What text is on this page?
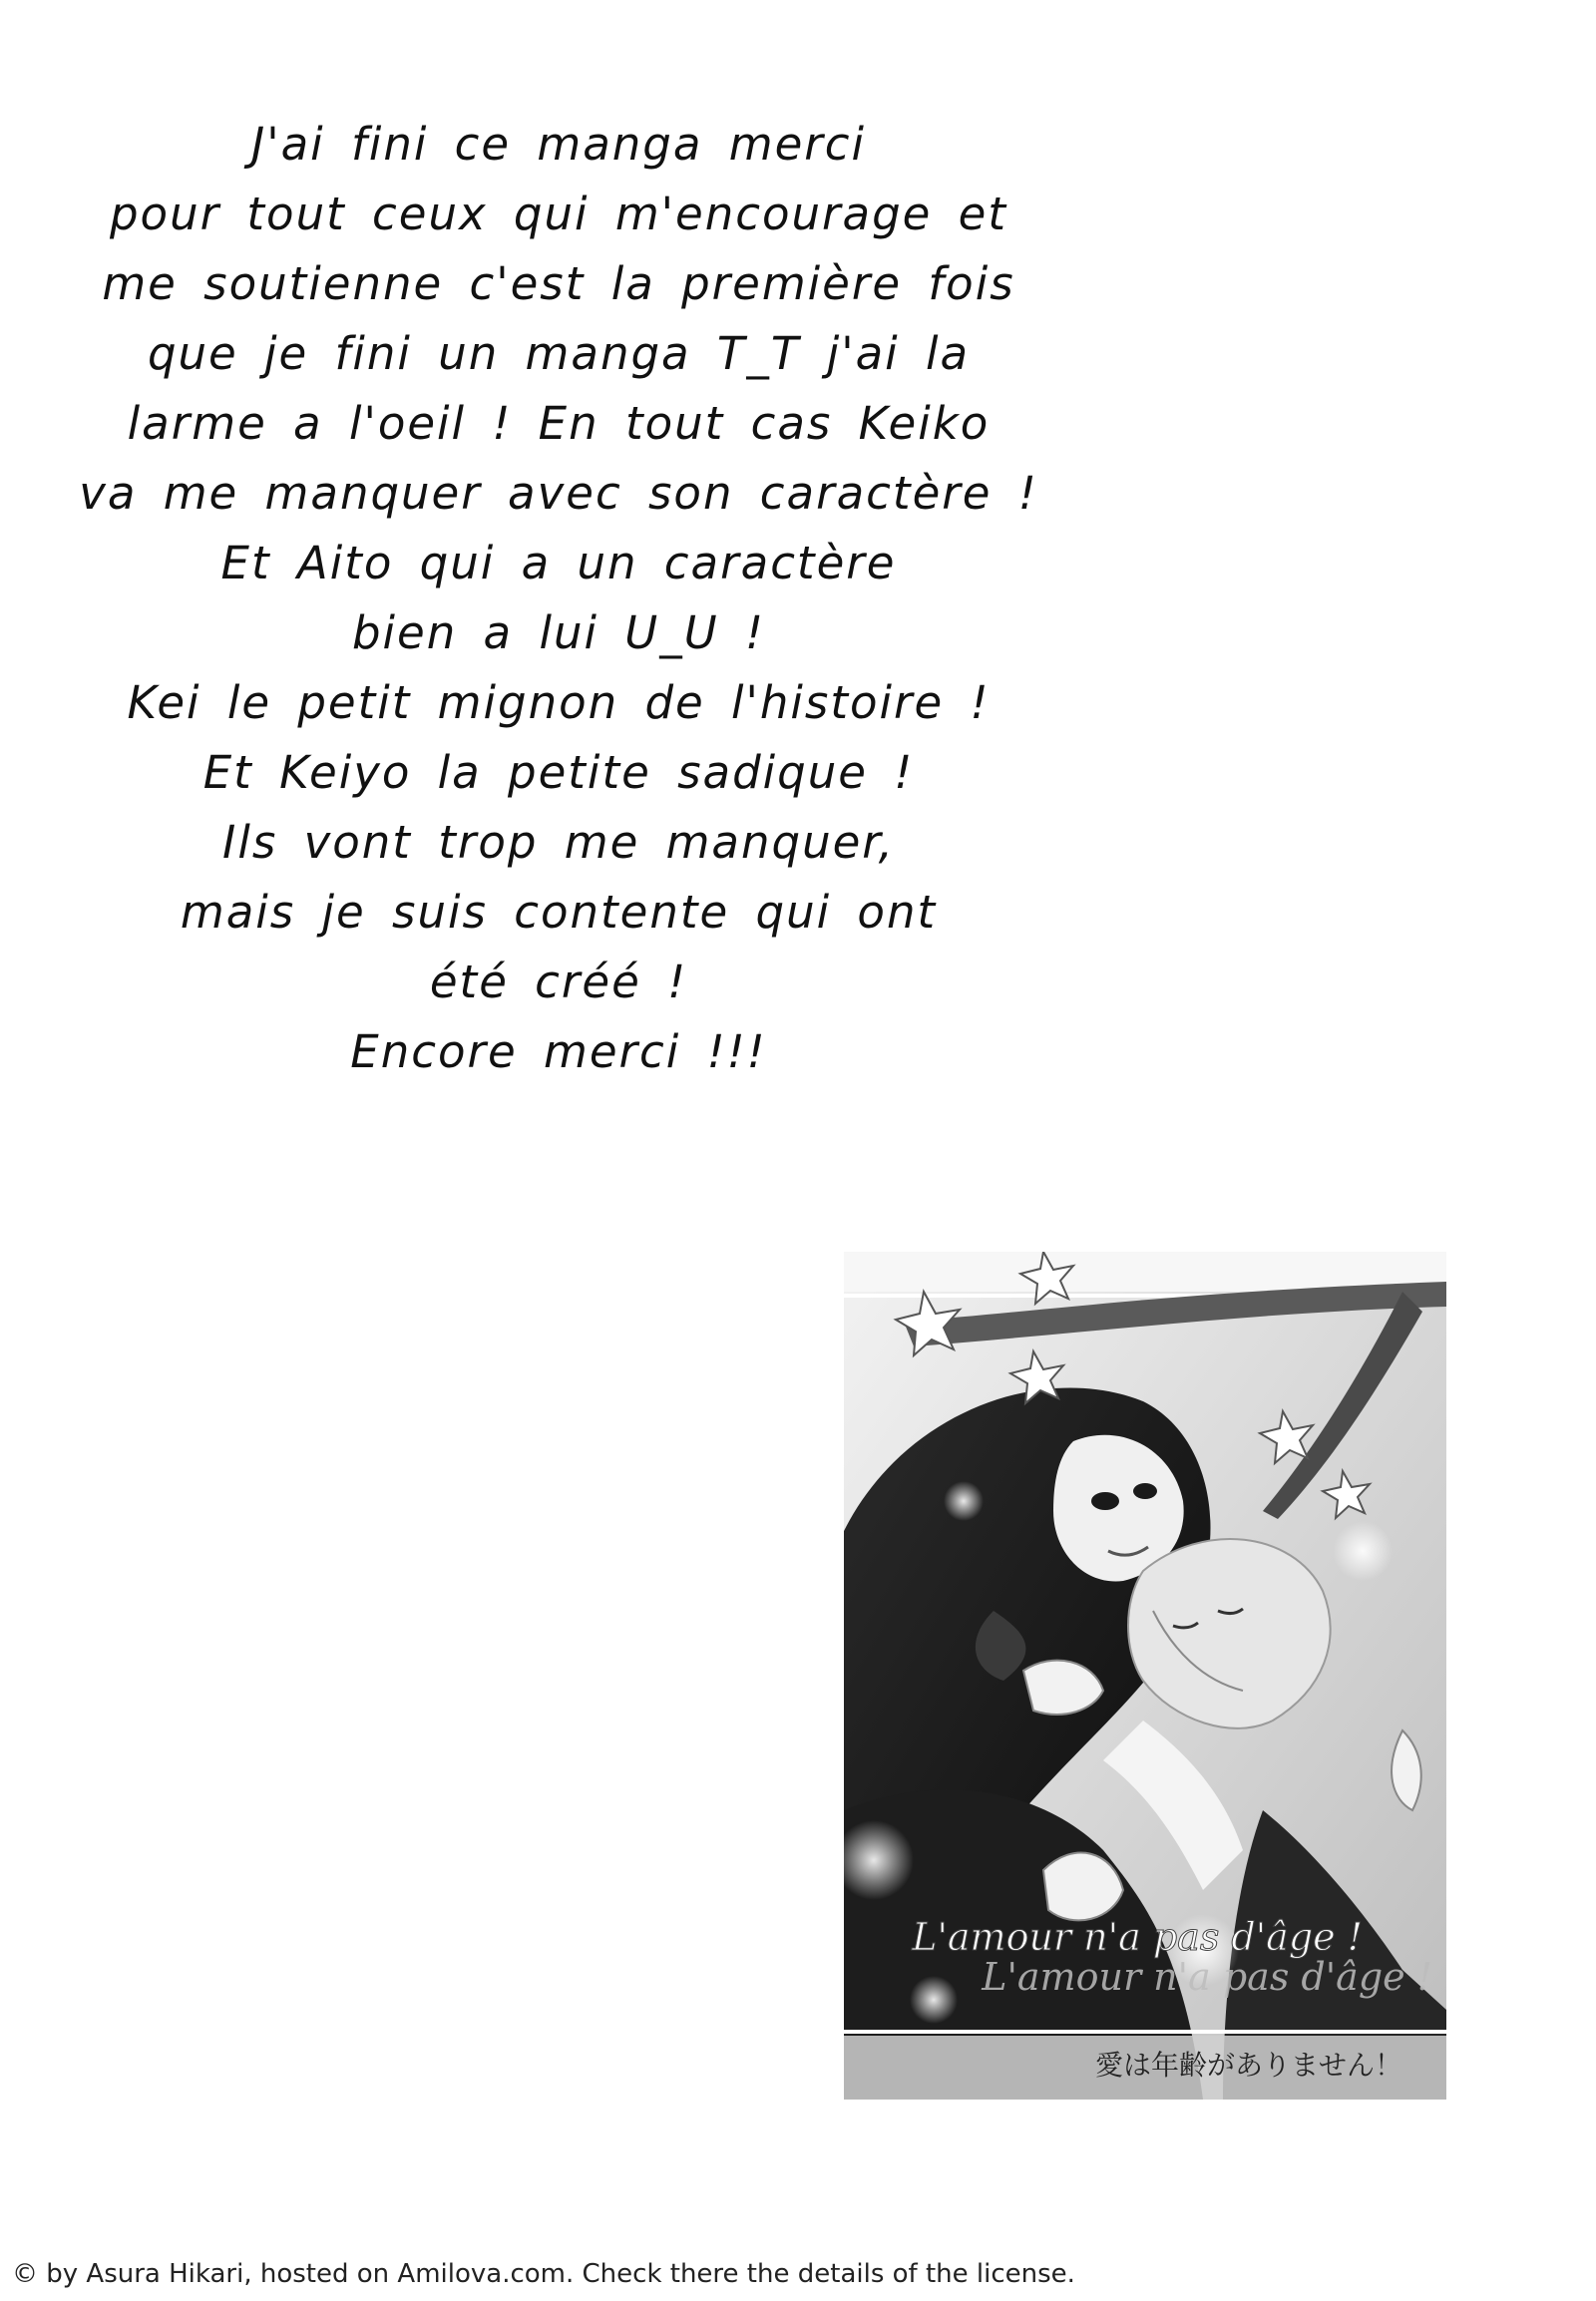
J'ai fini ce manga merci
pour tout ceux qui m'encourage et
me soutienne c'est la première fois
que je fini un manga T_T j'ai la
larme a l'oeil ! En tout cas Keiko
va me manquer avec son caractère !
Et Aito qui a un caractère
bien a lui U_U !
Kei le petit mignon de l'histoire !
Et Keiyo la petite sadique !
Ils vont trop me manquer,
mais je suis contente qui ont
été créé !
Encore merci !!!
L'amour n'a pas d'âge !
L'amour n'a pas d'âge !
愛は年齢がありません！
© by Asura Hikari, hosted on Amilova.com. Check there the details of the license.
